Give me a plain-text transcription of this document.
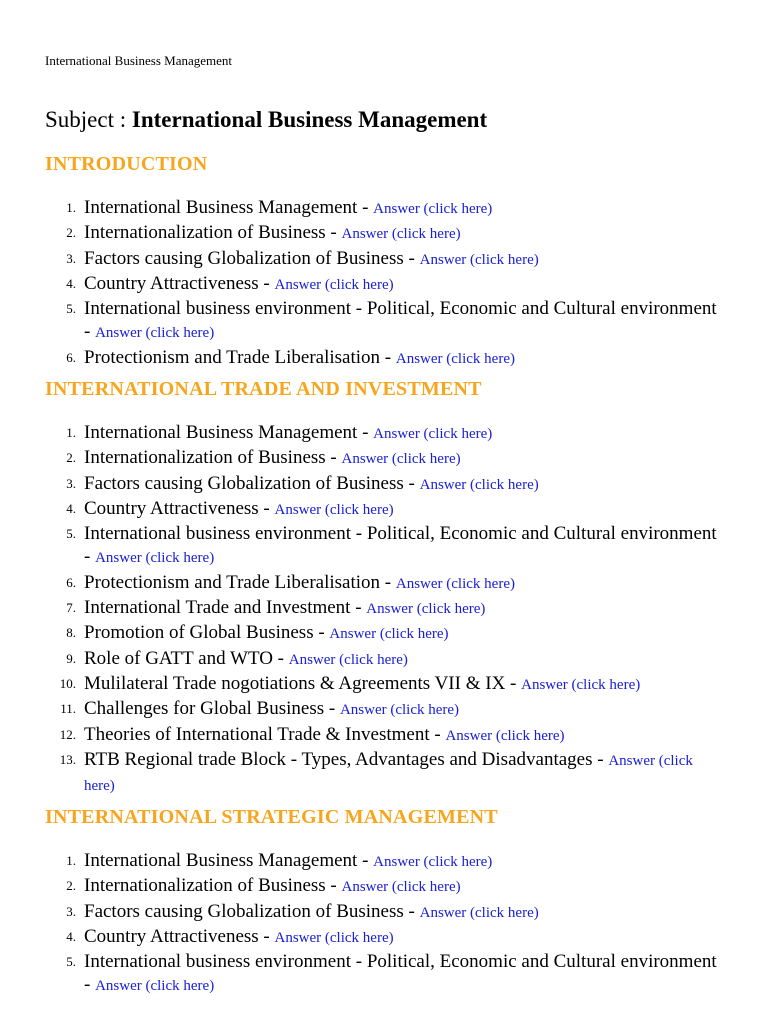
International Business Management
Subject : International Business Management
INTRODUCTION
1. International Business Management - Answer (click here)
2. Internationalization of Business - Answer (click here)
3. Factors causing Globalization of Business - Answer (click here)
4. Country Attractiveness - Answer (click here)
5. International business environment - Political, Economic and Cultural environment - Answer (click here)
6. Protectionism and Trade Liberalisation - Answer (click here)
INTERNATIONAL TRADE AND INVESTMENT
1. International Business Management - Answer (click here)
2. Internationalization of Business - Answer (click here)
3. Factors causing Globalization of Business - Answer (click here)
4. Country Attractiveness - Answer (click here)
5. International business environment - Political, Economic and Cultural environment - Answer (click here)
6. Protectionism and Trade Liberalisation - Answer (click here)
7. International Trade and Investment - Answer (click here)
8. Promotion of Global Business - Answer (click here)
9. Role of GATT and WTO - Answer (click here)
10. Mulilateral Trade nogotiations & Agreements VII & IX - Answer (click here)
11. Challenges for Global Business - Answer (click here)
12. Theories of International Trade & Investment - Answer (click here)
13. RTB Regional trade Block - Types, Advantages and Disadvantages - Answer (click here)
INTERNATIONAL STRATEGIC MANAGEMENT
1. International Business Management - Answer (click here)
2. Internationalization of Business - Answer (click here)
3. Factors causing Globalization of Business - Answer (click here)
4. Country Attractiveness - Answer (click here)
5. International business environment - Political, Economic and Cultural environment - Answer (click here)
